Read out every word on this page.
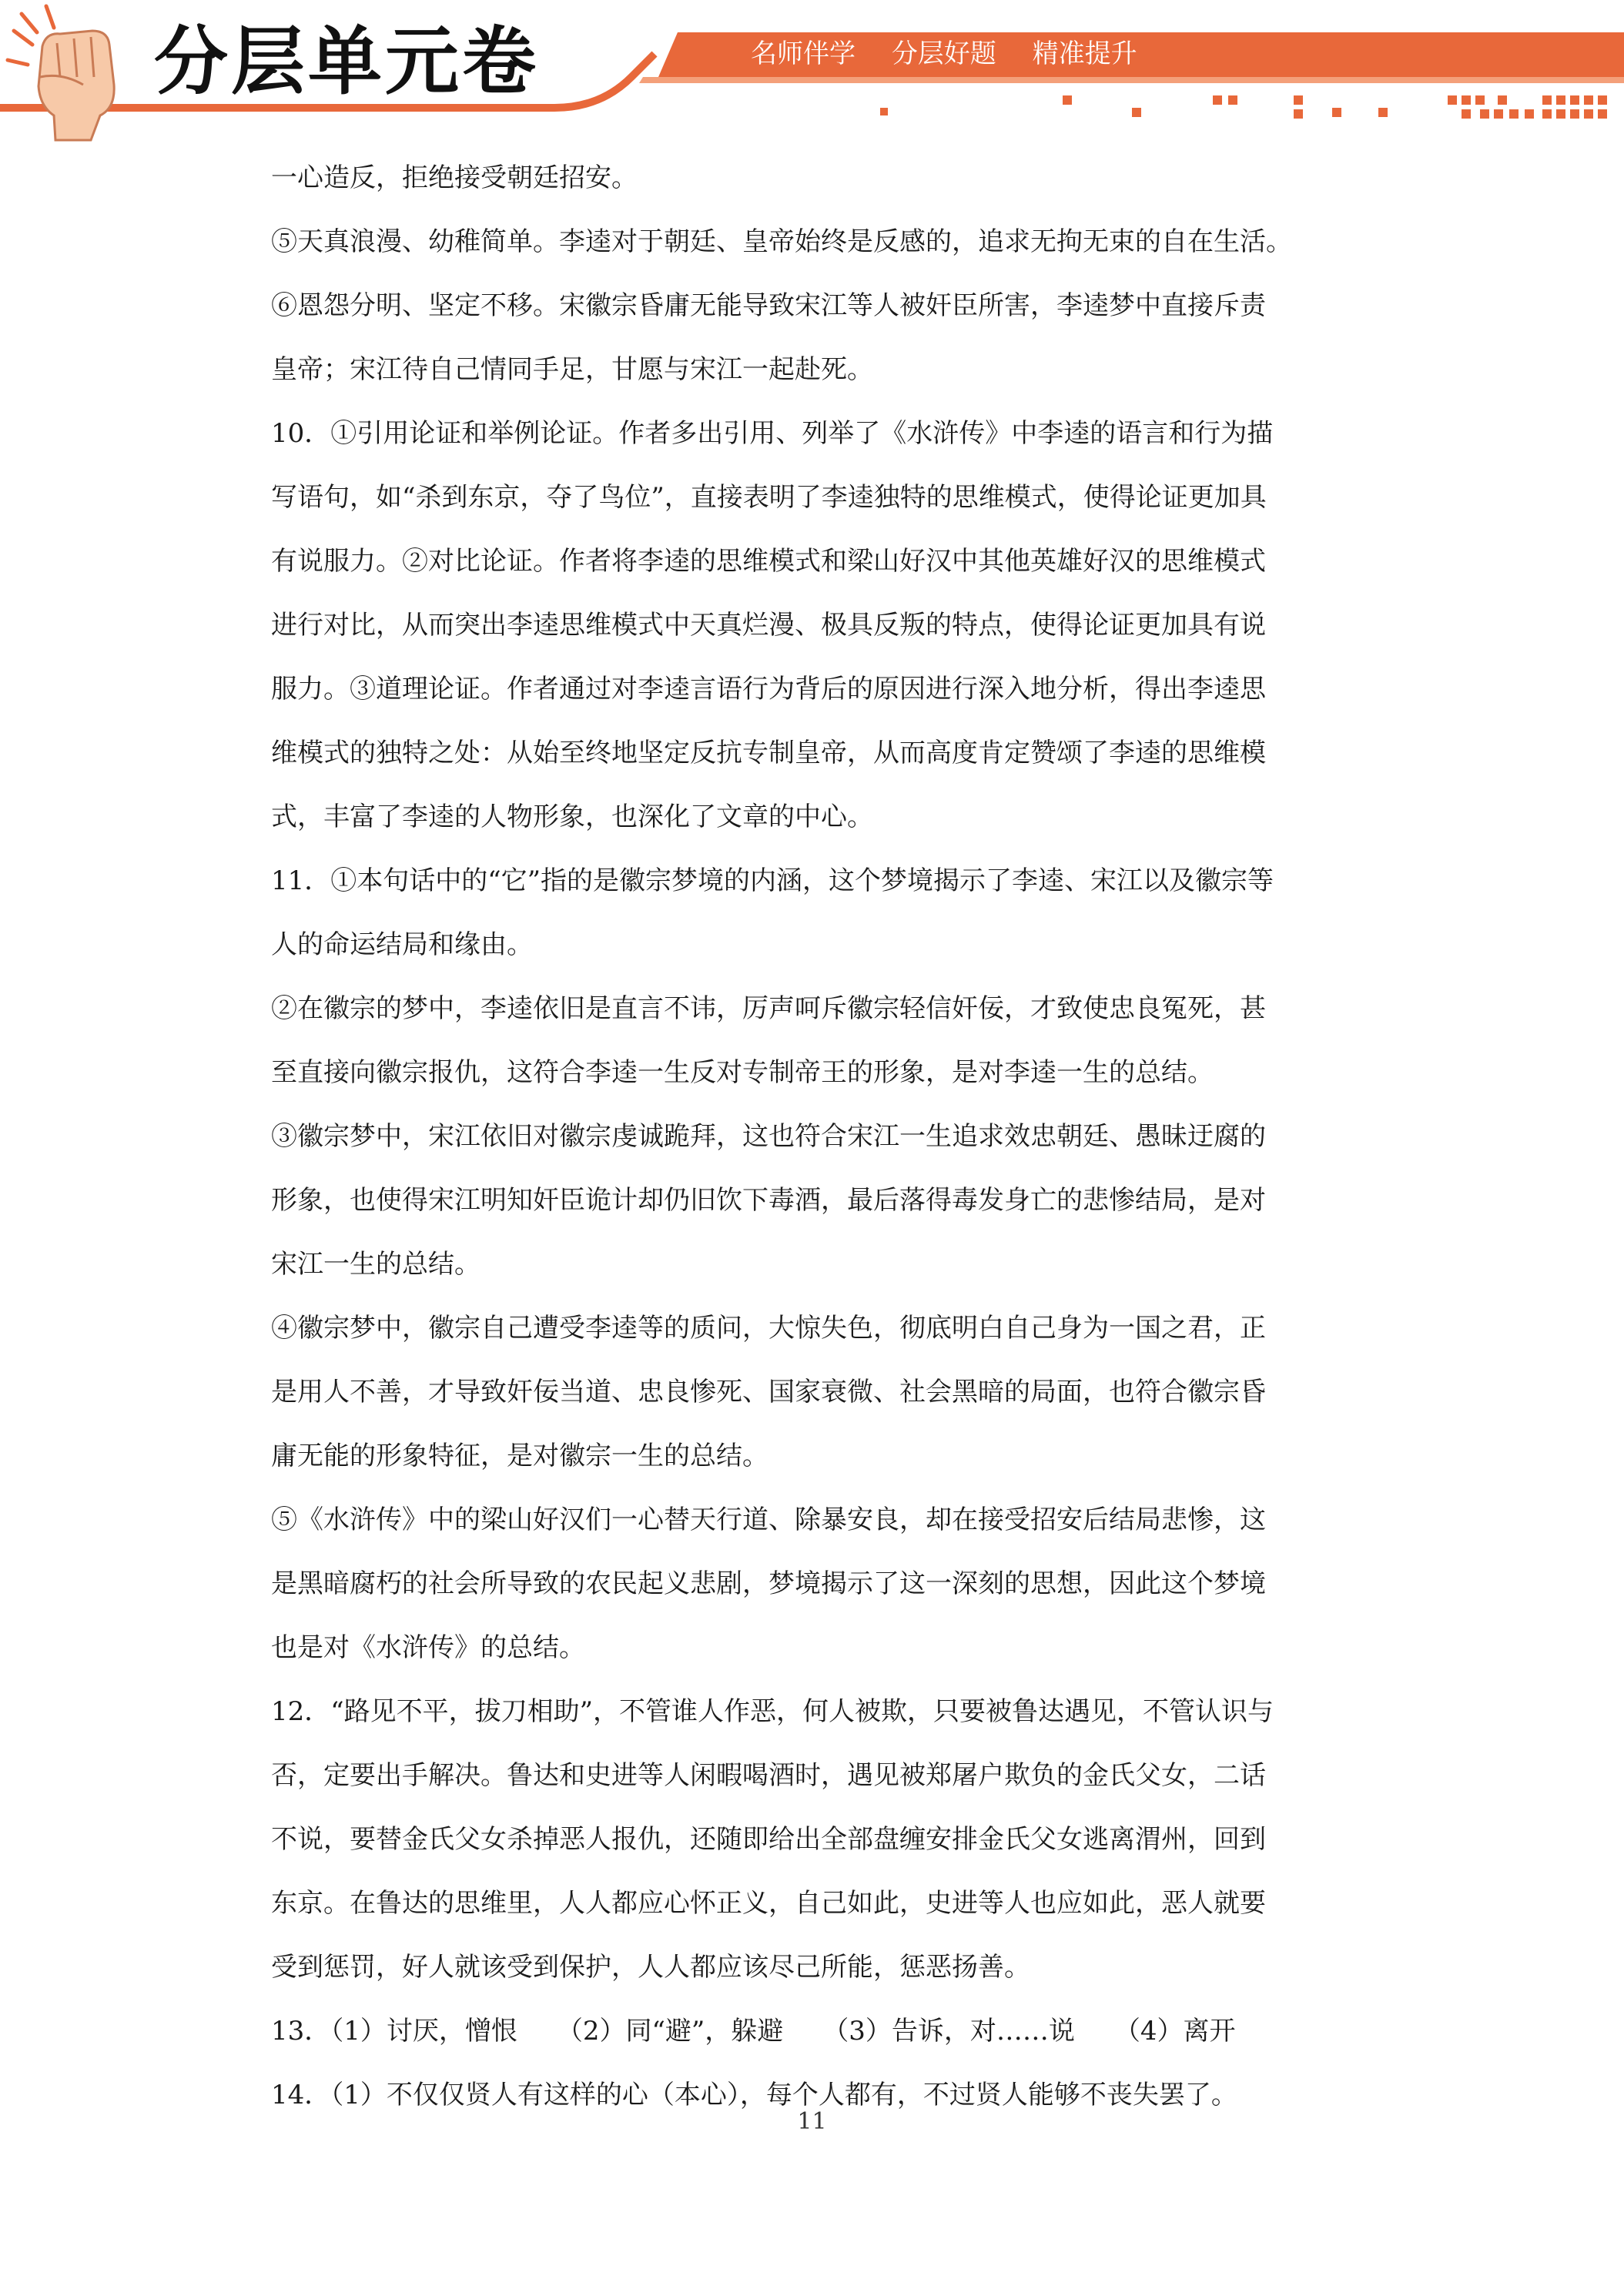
分层单元卷	名师伴学 分层好题 精准提升

一心造反，拒绝接受朝廷招安。

⑤天真浪漫、幼稚简单。李逵对于朝廷、皇帝始终是反感的，追求无拘无束的自在生活。

⑥恩怨分明、坚定不移。宋徽宗昏庸无能导致宋江等人被奸臣所害，李逵梦中直接斥责

皇帝；宋江待自己情同手足，甘愿与宋江一起赴死。

10．①引用论证和举例论证。作者多出引用、列举了《水浒传》中李逵的语言和行为描

写语句，如“杀到东京，夺了鸟位”，直接表明了李逵独特的思维模式，使得论证更加具

有说服力。②对比论证。作者将李逵的思维模式和梁山好汉中其他英雄好汉的思维模式

进行对比，从而突出李逵思维模式中天真烂漫、极具反叛的特点，使得论证更加具有说

服力。③道理论证。作者通过对李逵言语行为背后的原因进行深入地分析，得出李逵思

维模式的独特之处：从始至终地坚定反抗专制皇帝，从而高度肯定赞颂了李逵的思维模

式，丰富了李逵的人物形象，也深化了文章的中心。

11．①本句话中的“它”指的是徽宗梦境的内涵，这个梦境揭示了李逵、宋江以及徽宗等

人的命运结局和缘由。

②在徽宗的梦中，李逵依旧是直言不讳，厉声呵斥徽宗轻信奸佞，才致使忠良冤死，甚

至直接向徽宗报仇，这符合李逵一生反对专制帝王的形象，是对李逵一生的总结。

③徽宗梦中，宋江依旧对徽宗虔诚跪拜，这也符合宋江一生追求效忠朝廷、愚昧迂腐的

形象，也使得宋江明知奸臣诡计却仍旧饮下毒酒，最后落得毒发身亡的悲惨结局，是对

宋江一生的总结。

④徽宗梦中，徽宗自己遭受李逵等的质问，大惊失色，彻底明白自己身为一国之君，正

是用人不善，才导致奸佞当道、忠良惨死、国家衰微、社会黑暗的局面，也符合徽宗昏

庸无能的形象特征，是对徽宗一生的总结。

⑤《水浒传》中的梁山好汉们一心替天行道、除暴安良，却在接受招安后结局悲惨，这

是黑暗腐朽的社会所导致的农民起义悲剧，梦境揭示了这一深刻的思想，因此这个梦境

也是对《水浒传》的总结。

12．“路见不平，拔刀相助”，不管谁人作恶，何人被欺，只要被鲁达遇见，不管认识与

否，定要出手解决。鲁达和史进等人闲暇喝酒时，遇见被郑屠户欺负的金氏父女，二话

不说，要替金氏父女杀掉恶人报仇，还随即给出全部盘缠安排金氏父女逃离渭州，回到

东京。在鲁达的思维里，人人都应心怀正义，自己如此，史进等人也应如此，恶人就要

受到惩罚，好人就该受到保护，人人都应该尽己所能，惩恶扬善。

13．（1）讨厌，憎恨　　（2）同“避”，躲避　　（3）告诉，对……说　　（4）离开

14．（1）不仅仅贤人有这样的心（本心），每个人都有，不过贤人能够不丧失罢了。

11
